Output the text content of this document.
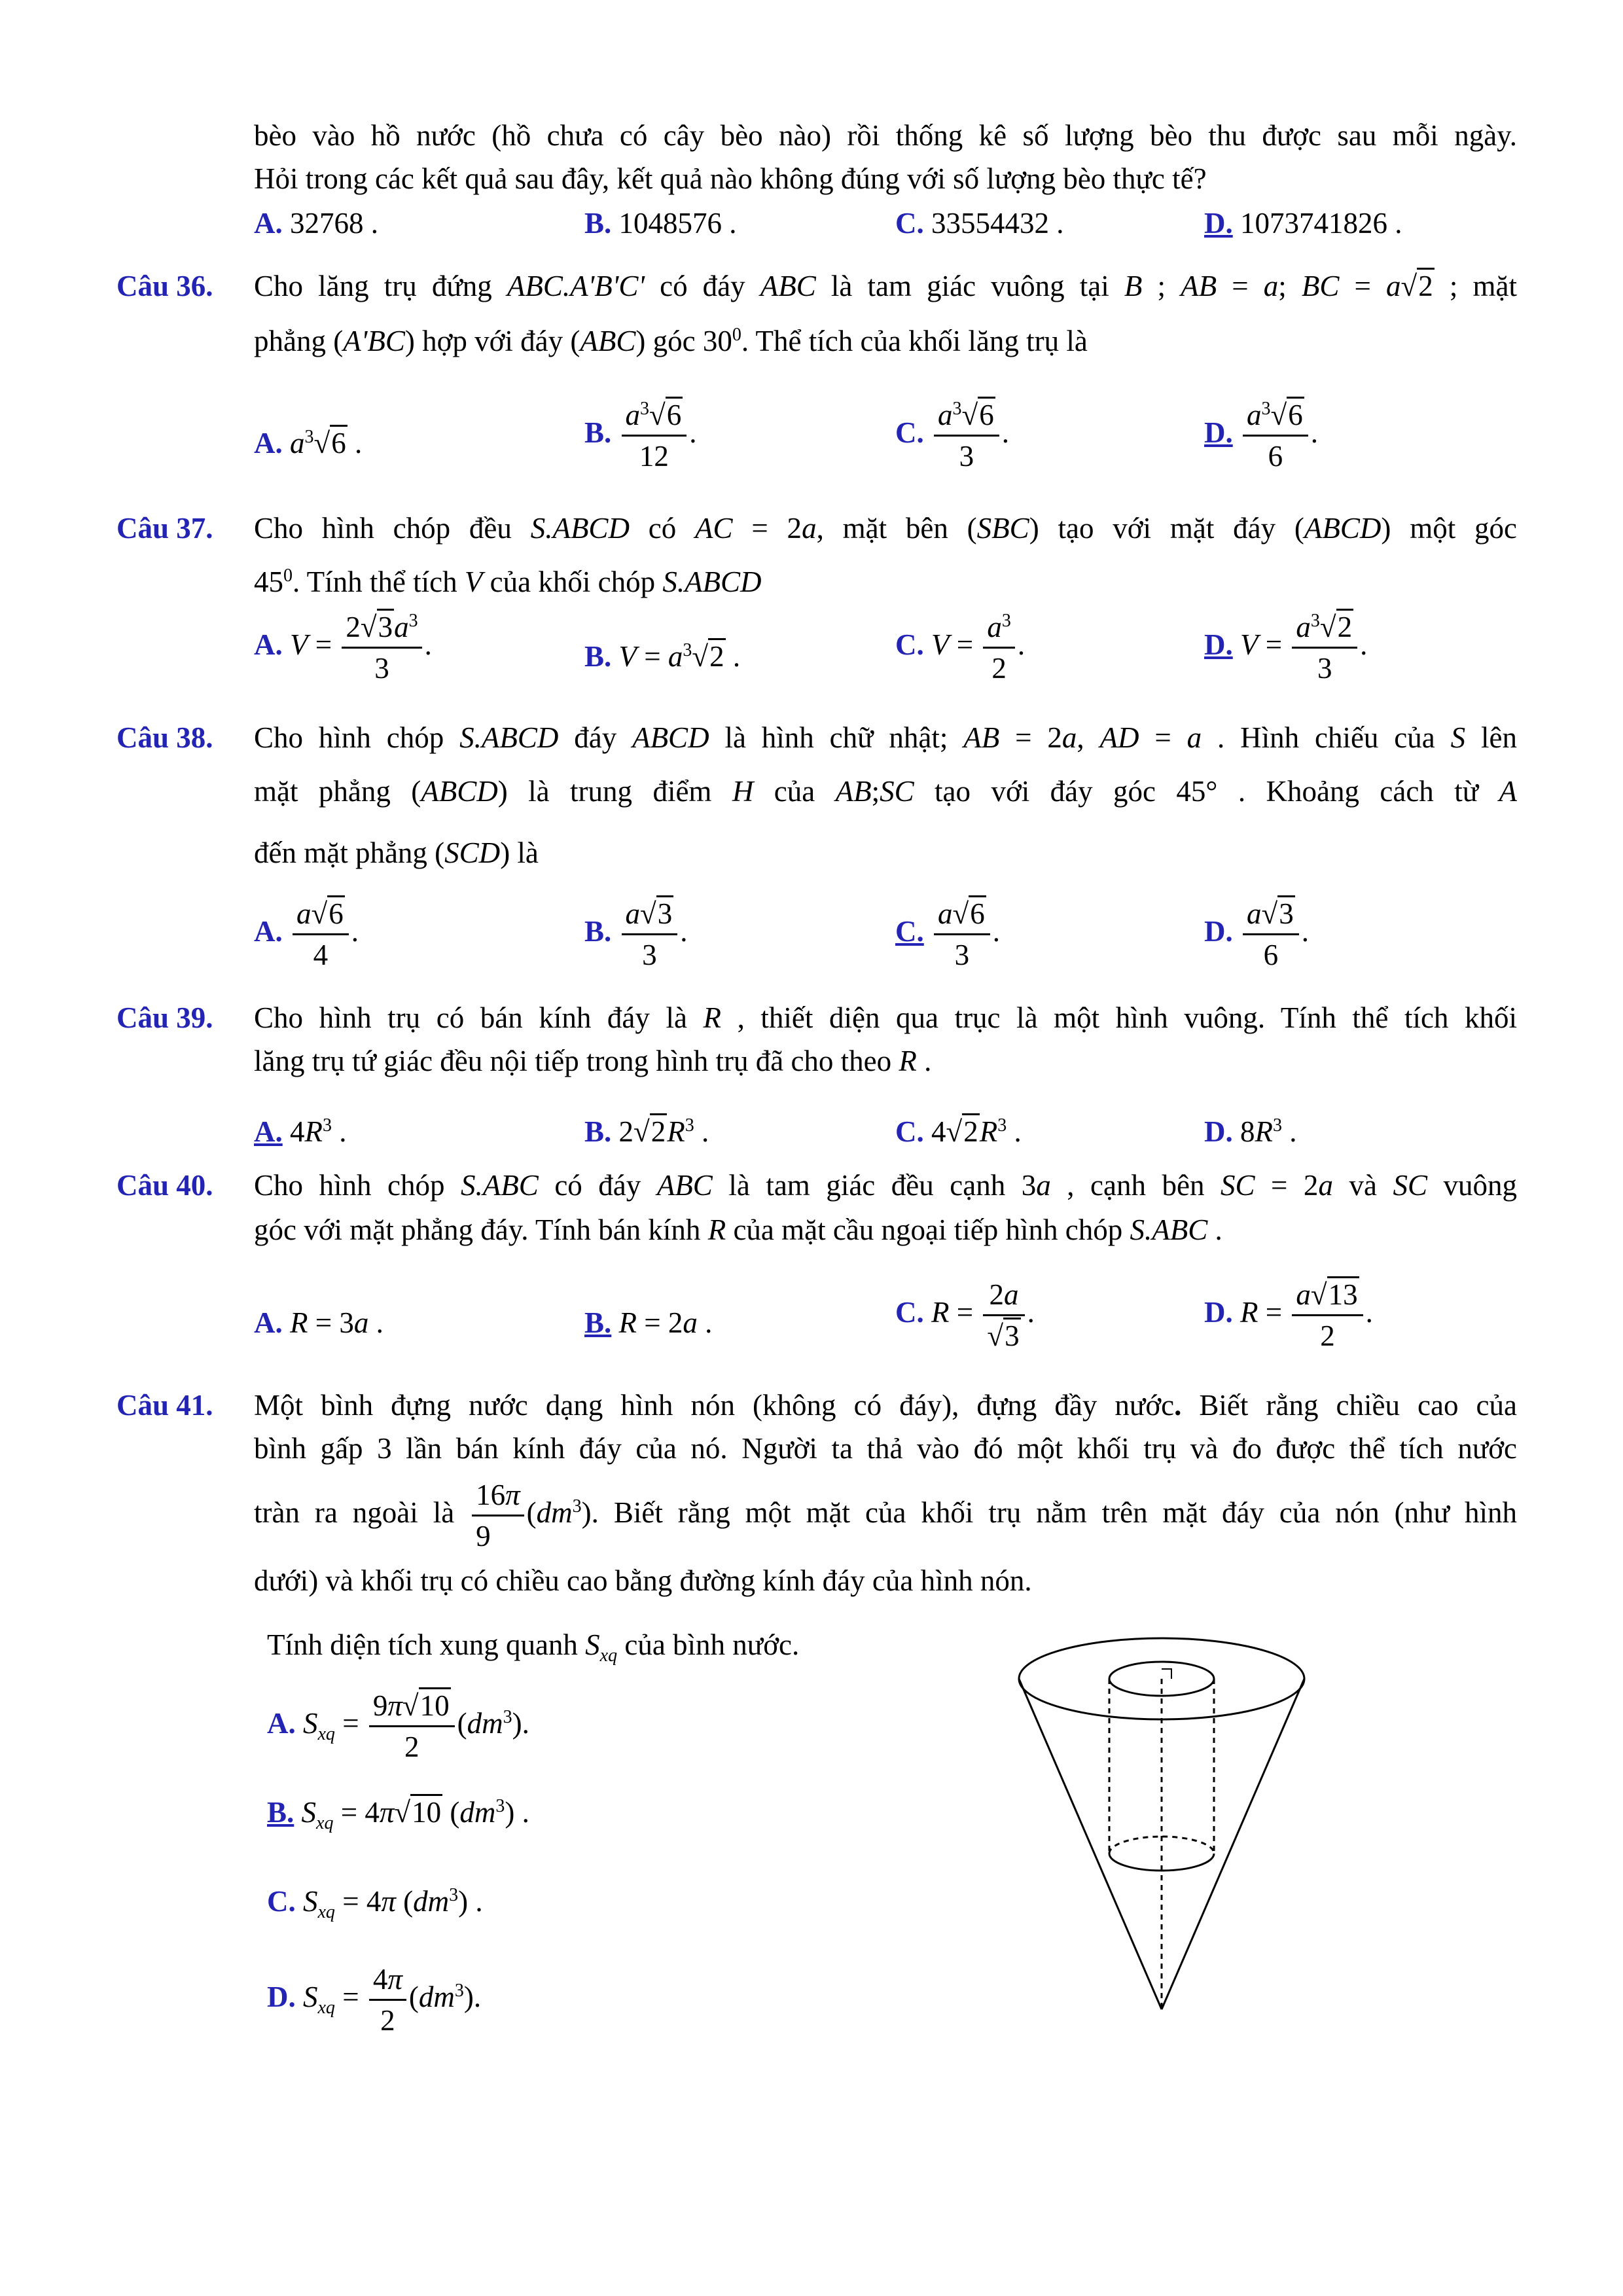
bèo vào hồ nước (hồ chưa có cây bèo nào) rồi thống kê số lượng bèo thu được sau mỗi ngày.
Hỏi trong các kết quả sau đây, kết quả nào không đúng với số lượng bèo thực tế?
A. 32768 .	B. 1048576 .	C. 33554432 .	D. 1073741826 .
Câu 36. Cho lăng trụ đứng ABC.A'B'C' có đáy ABC là tam giác vuông tại B ; AB = a; BC = a√2 ; mặt
phẳng (A'BC) hợp với đáy (ABC) góc $30^0$. Thể tích của khối lăng trụ là
A. $a^3√6$ .	B. $\frac{a^3√6}{12}$ .	C. $\frac{a^3√6}{3}$ .	D. $\frac{a^3√6}{6}$ .
Câu 37. Cho hình chóp đều S.ABCD có AC = 2a, mặt bên (SBC) tạo với mặt đáy (ABCD) một góc
$45^0$. Tính thể tích V của khối chóp S.ABCD
A. $V = \frac{2√3a^3}{3}$ .	B. $V = a^3√2$ .	C. $V = \frac{a^3}{2}$ .	D. $V = \frac{a^3√2}{3}$ .
Câu 38. Cho hình chóp S.ABCD đáy ABCD là hình chữ nhật; AB = 2a, AD = a . Hình chiếu của S lên
mặt phẳng (ABCD) là trung điểm H của AB;SC tạo với đáy góc 45° . Khoảng cách từ A
đến mặt phẳng (SCD) là
A. $\frac{a√6}{4}$ .	B. $\frac{a√3}{3}$ .	C. $\frac{a√6}{3}$ .	D. $\frac{a√3}{6}$ .
Câu 39. Cho hình trụ có bán kính đáy là R , thiết diện qua trục là một hình vuông. Tính thể tích khối
lăng trụ tứ giác đều nội tiếp trong hình trụ đã cho theo R .
A. $4R^3$ .	B. $2√2R^3$ .	C. $4√2R^3$ .	D. $8R^3$ .
Câu 40. Cho hình chóp S.ABC có đáy ABC là tam giác đều cạnh 3a , cạnh bên SC = 2a và SC vuông
góc với mặt phẳng đáy. Tính bán kính R của mặt cầu ngoại tiếp hình chóp S.ABC .
A. R = 3a .	B. R = 2a .	C. $R = \frac{2a}{√3}$ .	D. $R = \frac{a√13}{2}$ .
Câu 41. Một bình đựng nước dạng hình nón (không có đáy), đựng đầy nước. Biết rằng chiều cao của
bình gấp 3 lần bán kính đáy của nó. Người ta thả vào đó một khối trụ và đo được thể tích nước
tràn ra ngoài là $\frac{16\pi}{9} (dm^3)$. Biết rằng một mặt của khối trụ nằm trên mặt đáy của nón (như hình
dưới) và khối trụ có chiều cao bằng đường kính đáy của hình nón.
Tính diện tích xung quanh $S_{xq}$ của bình nước.
A. $S_{xq} = \frac{9\pi√10}{2} (dm^3)$.
B. $S_{xq} = 4\pi√10$ $(dm^3)$ .
C. $S_{xq} = 4\pi$ $(dm^3)$ .
D. $S_{xq} = \frac{4\pi}{2} (dm^3)$.
